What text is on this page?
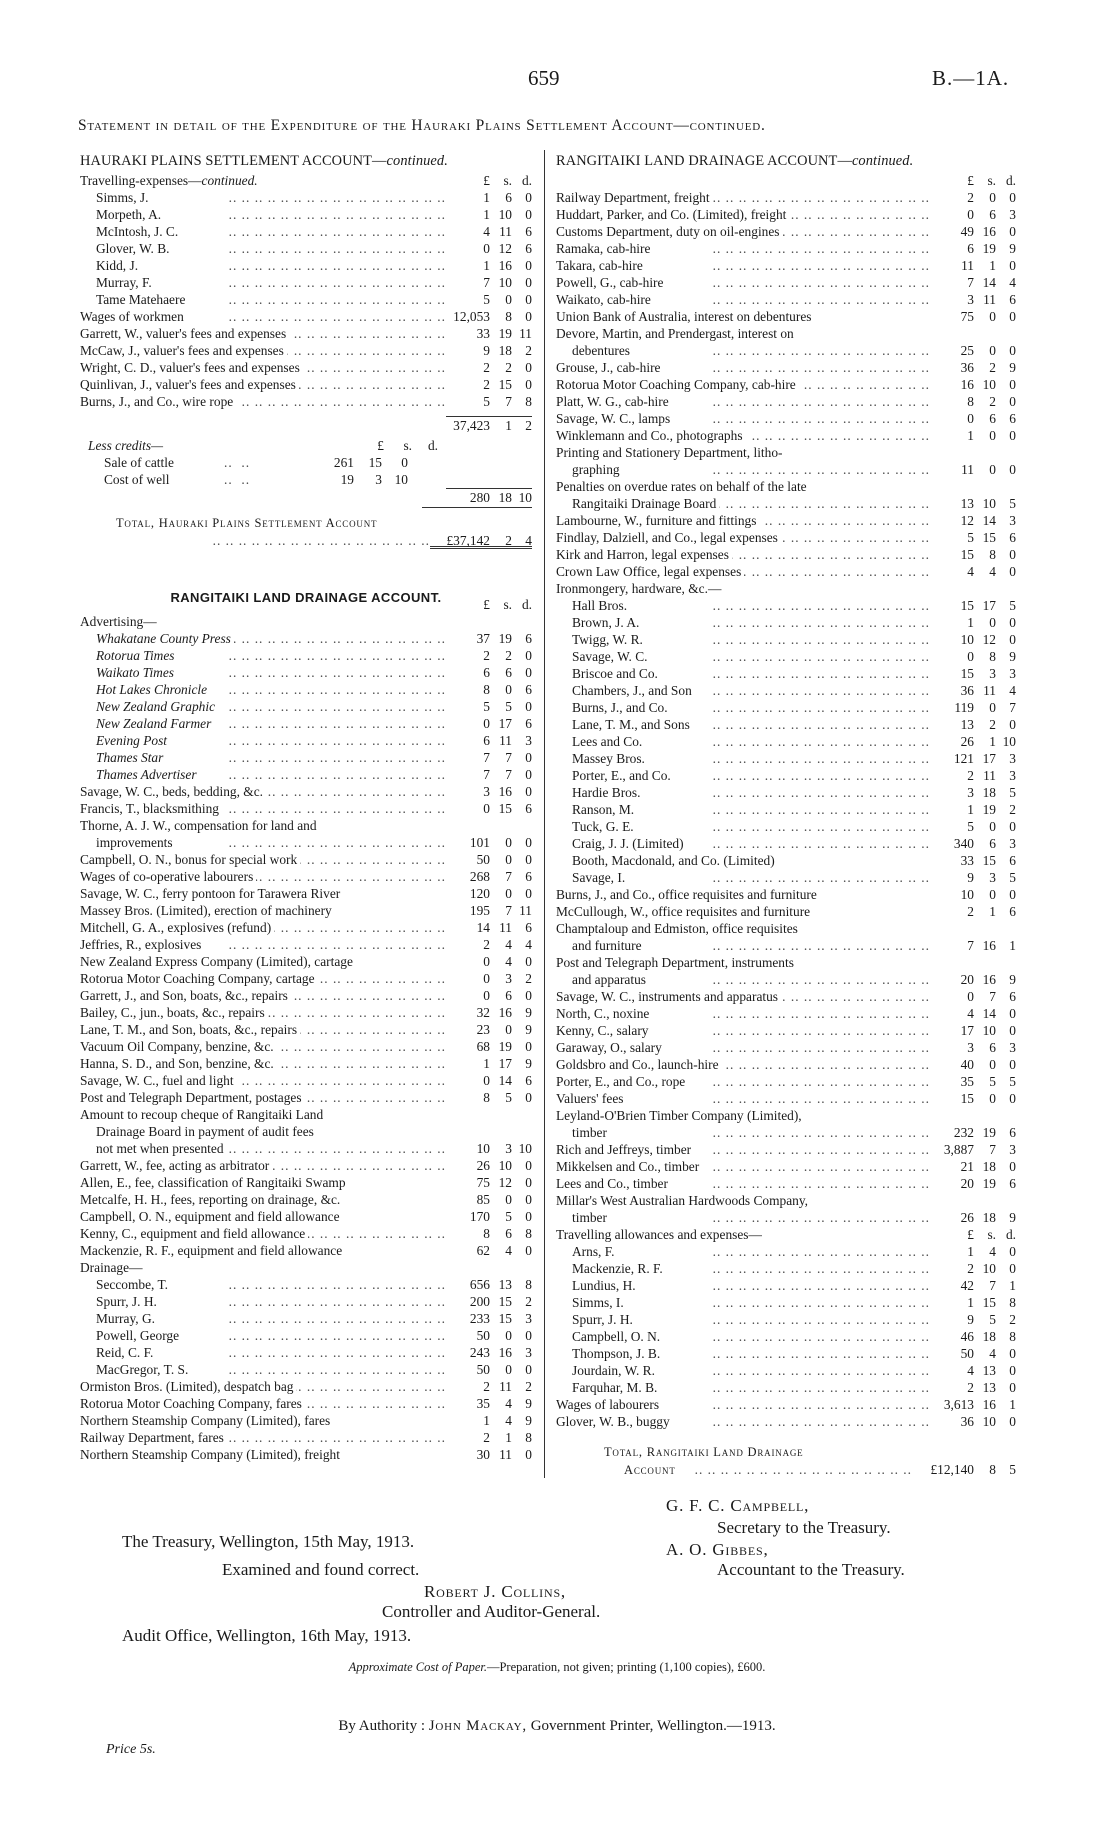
659	B.—1A.
Statement in detail of the Expenditure of the Hauraki Plains Settlement Account—continued.
HAURAKI PLAINS SETTLEMENT ACCOUNT—continued.
Travelling-expenses—continued.	£	s. d.
Simms, J. .. .	1	6 0
Morpeth, A. .. .	1 10 0
McIntosh, J. C. .. .	4 11 6
Glover, W. B. .. .	0 12 6
Kidd, J. .. .	1 16 0
Murray, F. .. .	7 10 0
Tame Matehaere .. .	5	0 0
Wages of workmen .. .	12,053	8 0
Garrett, W., valuer's fees and expenses .. .	33 19 11
McCaw, J., valuer's fees and expenses .. .	9 18 2
Wright, C. D., valuer's fees and expenses .. .	2	2 0
Quinlivan, J., valuer's fees and expenses .. .	2 15 0
Burns, J., and Co., wire rope .. .	5	7 8
37,423	1 2
Less credits—	£	s.	d.
Sale of cattle	..  ..	261	15	0
Cost of well	..  ..	19	3 10
280 18 10
Total, Hauraki Plains Settlement Account
.. .
£37,142	2 4
RANGITAIKI LAND DRAINAGE ACCOUNT.	£	s. d.
Advertising—
Whakatane County Press .. .	37 19 6
Rotorua Times .. .	2	2 0
Waikato Times .. .	6	6 0
Hot Lakes Chronicle .. .	8	0 6
New Zealand Graphic .. .	5	5 0
New Zealand Farmer .. .	0 17 6
Evening Post .. .	6 11 3
Thames Star .. .	7	7 0
Thames Advertiser .. .	7	7 0
Savage, W. C., beds, bedding, &c. .. .	3 16 0
Francis, T., blacksmithing .. .	0 15 6
Thorne, A. J. W., compensation for land and
improvements .. .	101	0 0
Campbell, O. N., bonus for special work .. .	50	0 0
Wages of co-operative labourers .. .	268	7 6
Savage, W. C., ferry pontoon for Tarawera River	120	0 0
Massey Bros. (Limited), erection of machinery	195	7 11
Mitchell, G. A., explosives (refund) .. .	14 11 6
Jeffries, R., explosives .. .	2	4 4
New Zealand Express Company (Limited), cartage	0	4 0
Rotorua Motor Coaching Company, cartage .. .	0	3 2
Garrett, J., and Son, boats, &c., repairs .. .	0	6 0
Bailey, C., jun., boats, &c., repairs .. .	32 16 9
Lane, T. M., and Son, boats, &c., repairs .. .	23	0 9
Vacuum Oil Company, benzine, &c. .. .	68 19 0
Hanna, S. D., and Son, benzine, &c. .. .	1 17 9
Savage, W. C., fuel and light .. .	0 14 6
Post and Telegraph Department, postages .. .	8	5 0
Amount to recoup cheque of Rangitaiki Land
Drainage Board in payment of audit fees
not met when presented .. .	10	3 10
Garrett, W., fee, acting as arbitrator .. .	26 10 0
Allen, E., fee, classification of Rangitaiki Swamp	75 12 0
Metcalfe, H. H., fees, reporting on drainage, &c.	85	0 0
Campbell, O. N., equipment and field allowance	170	5 0
Kenny, C., equipment and field allowance .. .	8	6 8
Mackenzie, R. F., equipment and field allowance	62	4 0
Drainage—
Seccombe, T. .. .	656 13 8
Spurr, J. H. .. .	200 15 2
Murray, G. .. .	233 15 3
Powell, George .. .	50	0 0
Reid, C. F. .. .	243 16 3
MacGregor, T. S. .. .	50	0 0
Ormiston Bros. (Limited), despatch bag .. .	2 11 2
Rotorua Motor Coaching Company, fares .. .	35	4 9
Northern Steamship Company (Limited), fares	1	4 9
Railway Department, fares .. .	2	1 8
Northern Steamship Company (Limited), freight	30 11 0
RANGITAIKI LAND DRAINAGE ACCOUNT—continued.
£	s. d.
Railway Department, freight .. .	2	0 0
Huddart, Parker, and Co. (Limited), freight .. .	0	6 3
Customs Department, duty on oil-engines .. .	49 16 0
Ramaka, cab-hire .. .	6 19 9
Takara, cab-hire .. .	11	1 0
Powell, G., cab-hire .. .	7 14 4
Waikato, cab-hire .. .	3 11 6
Union Bank of Australia, interest on debentures	75	0 0
Devore, Martin, and Prendergast, interest on
debentures .. .	25	0 0
Grouse, J., cab-hire .. .	36	2 9
Rotorua Motor Coaching Company, cab-hire .. .	16 10 0
Platt, W. G., cab-hire .. .	8	2 0
Savage, W. C., lamps .. .	0	6 6
Winklemann and Co., photographs .. .	1	0 0
Printing and Stationery Department, litho-
graphing .. .	11	0 0
Penalties on overdue rates on behalf of the late
Rangitaiki Drainage Board .. .	13 10 5
Lambourne, W., furniture and fittings .. .	12 14 3
Findlay, Dalziell, and Co., legal expenses .. .	5 15 6
Kirk and Harron, legal expenses .. .	15	8 0
Crown Law Office, legal expenses .. .	4	4 0
Ironmongery, hardware, &c.—
Hall Bros. .. .	15 17 5
Brown, J. A. .. .	1	0 0
Twigg, W. R. .. .	10 12 0
Savage, W. C. .. .	0	8 9
Briscoe and Co. .. .	15	3 3
Chambers, J., and Son .. .	36 11 4
Burns, J., and Co. .. .	119	0 7
Lane, T. M., and Sons .. .	13	2 0
Lees and Co. .. .	26	1 10
Massey Bros. .. .	121 17 3
Porter, E., and Co. .. .	2 11 3
Hardie Bros. .. .	3 18 5
Ranson, M. .. .	1 19 2
Tuck, G. E. .. .	5	0 0
Craig, J. J. (Limited) .. .	340	6 3
Booth, Macdonald, and Co. (Limited)	33 15 6
Savage, I. .. .	9	3 5
Burns, J., and Co., office requisites and furniture	10	0 0
McCullough, W., office requisites and furniture	2	1 6
Champtaloup and Edmiston, office requisites
and furniture .. .	7 16 1
Post and Telegraph Department, instruments
and apparatus .. .	20 16 9
Savage, W. C., instruments and apparatus .. .	0	7 6
North, C., noxine .. .	4 14 0
Kenny, C., salary .. .	17 10 0
Garaway, O., salary .. .	3	6 3
Goldsbro and Co., launch-hire .. .	40	0 0
Porter, E., and Co., rope .. .	35	5 5
Valuers' fees .. .	15	0 0
Leyland-O'Brien Timber Company (Limited),
timber .. .	232 19 6
Rich and Jeffreys, timber .. .	3,887	7 3
Mikkelsen and Co., timber .. .	21 18 0
Lees and Co., timber .. .	20 19 6
Millar's West Australian Hardwoods Company,
timber .. .	26 18 9
Travelling allowances and expenses—	£	s. d.
Arns, F. .. .	1	4 0
Mackenzie, R. F. .. .	2 10 0
Lundius, H. .. .	42	7 1
Simms, I. .. .	1 15 8
Spurr, J. H. .. .	9	5 2
Campbell, O. N. .. .	46 18 8
Thompson, J. B. .. .	50	4 0
Jourdain, W. R. .. .	4 13 0
Farquhar, M. B. .. .	2 13 0
Wages of labourers .. .	3,613 16 1
Glover, W. B., buggy .. .	36 10 0
Total, Rangitaiki Land Drainage
Account .. .	£12,140	8 5
G. F. C. Campbell,
Secretary to the Treasury.
The Treasury, Wellington, 15th May, 1913.	A. O. Gibbes,
Accountant to the Treasury.
Examined and found correct.
Robert J. Collins,
Controller and Auditor-General.
Audit Office, Wellington, 16th May, 1913.
Approximate Cost of Paper.—Preparation, not given; printing (1,100 copies), £600.
By Authority : John Mackay, Government Printer, Wellington.—1913.
Price 5s.
